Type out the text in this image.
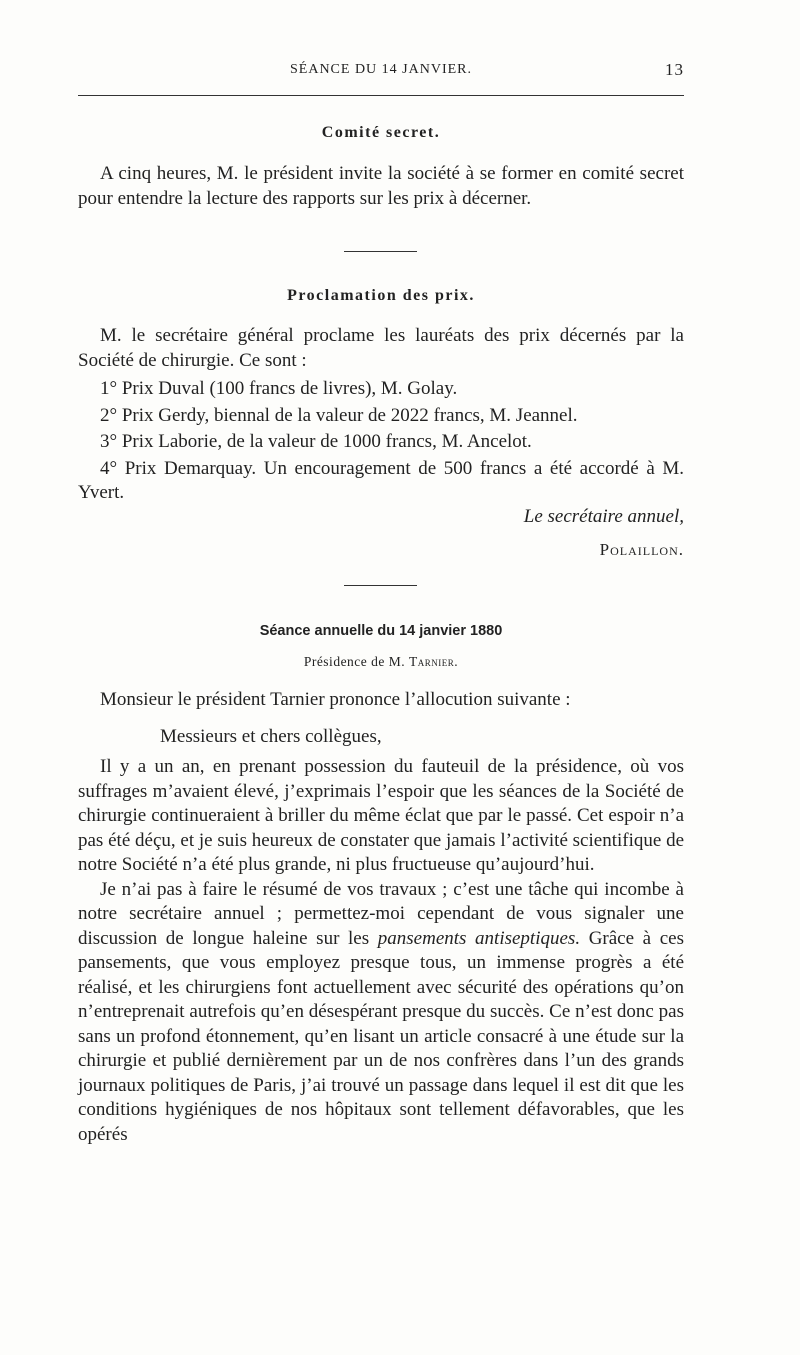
SÉANCE DU 14 JANVIER.	13
Comité secret.

A cinq heures, M. le président invite la société à se former en comité secret pour entendre la lecture des rapports sur les prix à décerner.

Proclamation des prix.

M. le secrétaire général proclame les lauréats des prix décernés par la Société de chirurgie. Ce sont :

1° Prix Duval (100 francs de livres), M. Golay.

2° Prix Gerdy, biennal de la valeur de 2022 francs, M. Jeannel.

3° Prix Laborie, de la valeur de 1000 francs, M. Ancelot.

4° Prix Demarquay. Un encouragement de 500 francs a été accordé à M. Yvert.

Le secrétaire annuel,
Polaillon.
Séance annuelle du 14 janvier 1880
Présidence de M. Tarnier.

Monsieur le président Tarnier prononce l’allocution suivante :

Messieurs et chers collègues,

Il y a un an, en prenant possession du fauteuil de la présidence, où vos suffrages m’avaient élevé, j’exprimais l’espoir que les séances de la Société de chirurgie continueraient à briller du même éclat que par le passé. Cet espoir n’a pas été déçu, et je suis heureux de constater que jamais l’activité scientifique de notre Société n’a été plus grande, ni plus fructueuse qu’aujourd’hui.

Je n’ai pas à faire le résumé de vos travaux ; c’est une tâche qui incombe à notre secrétaire annuel ; permettez-moi cependant de vous signaler une discussion de longue haleine sur les pansements antiseptiques. Grâce à ces pansements, que vous employez presque tous, un immense progrès a été réalisé, et les chirurgiens font actuellement avec sécurité des opérations qu’on n’entreprenait autrefois qu’en désespérant presque du succès. Ce n’est donc pas sans un profond étonnement, qu’en lisant un article consacré à une étude sur la chirurgie et publié dernièrement par un de nos confrères dans l’un des grands journaux politiques de Paris, j’ai trouvé un passage dans lequel il est dit que les conditions hygiéniques de nos hôpitaux sont tellement défavorables, que les opérés
